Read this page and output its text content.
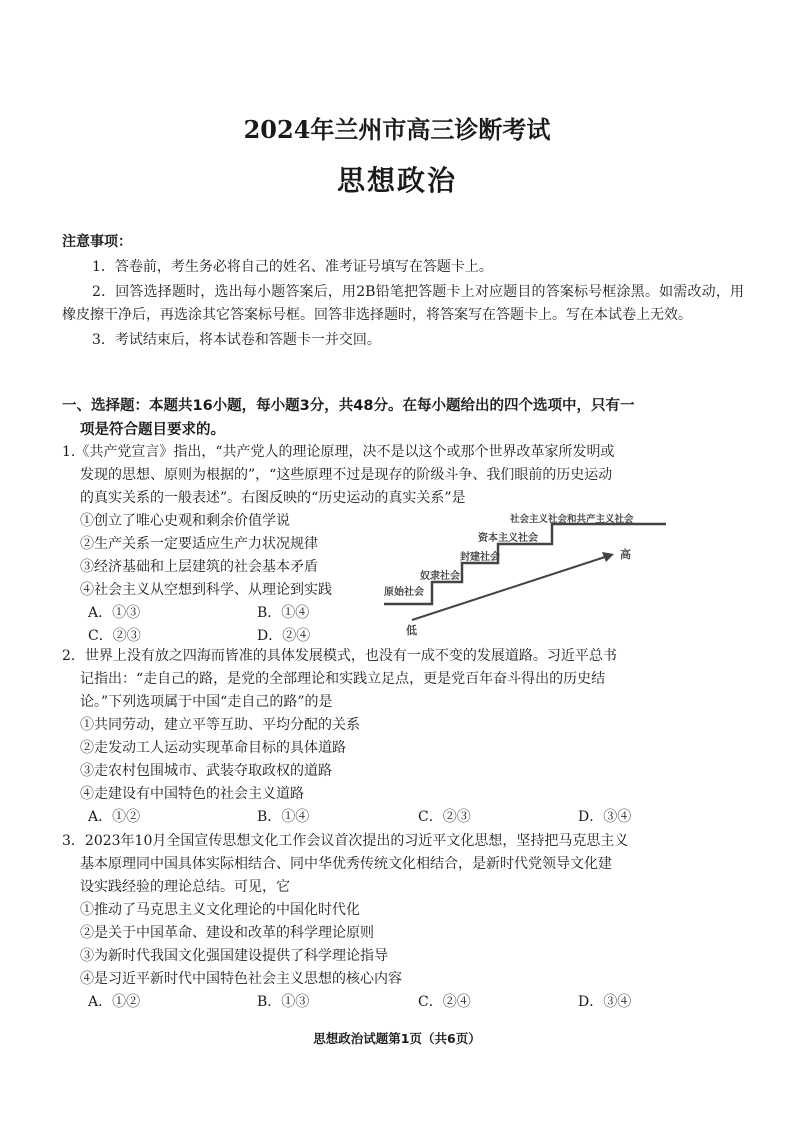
2024年兰州市高三诊断考试
思想政治
注意事项：
1．答卷前，考生务必将自己的姓名、准考证号填写在答题卡上。
2．回答选择题时，选出每小题答案后，用2B铅笔把答题卡上对应题目的答案标号框涂黑。如需改动，用橡皮擦干净后，再选涂其它答案标号框。回答非选择题时，将答案写在答题卡上。写在本试卷上无效。
3．考试结束后，将本试卷和答题卡一并交回。
一、选择题：本题共16小题，每小题3分，共48分。在每小题给出的四个选项中，只有一
项是符合题目要求的。
1.《共产党宣言》指出，“共产党人的理论原理，决不是以这个或那个世界改革家所发明或
发现的思想、原则为根据的”，“这些原理不过是现存的阶级斗争、我们眼前的历史运动
的真实关系的一般表述”。右图反映的“历史运动的真实关系”是
①创立了唯心史观和剩余价值学说
②生产关系一定要适应生产力状况规律
③经济基础和上层建筑的社会基本矛盾
④社会主义从空想到科学、从理论到实践
A．①③	B．①④
C．②③	D．②④
原始社会
奴隶社会
封建社会
资本主义社会
社会主义社会和共产主义社会
高
低
2．世界上没有放之四海而皆准的具体发展模式，也没有一成不变的发展道路。习近平总书
记指出：“走自己的路，是党的全部理论和实践立足点，更是党百年奋斗得出的历史结
论。”下列选项属于中国“走自己的路”的是
①共同劳动，建立平等互助、平均分配的关系
②走发动工人运动实现革命目标的具体道路
③走农村包围城市、武装夺取政权的道路
④走建设有中国特色的社会主义道路
A．①②	B．①④	C．②③	D．③④
3．2023年10月全国宣传思想文化工作会议首次提出的习近平文化思想，坚持把马克思主义
基本原理同中国具体实际相结合、同中华优秀传统文化相结合，是新时代党领导文化建
设实践经验的理论总结。可见，它
①推动了马克思主义文化理论的中国化时代化
②是关于中国革命、建设和改革的科学理论原则
③为新时代我国文化强国建设提供了科学理论指导
④是习近平新时代中国特色社会主义思想的核心内容
A．①②	B．①③	C．②④	D．③④
思想政治试题第1页（共6页）
